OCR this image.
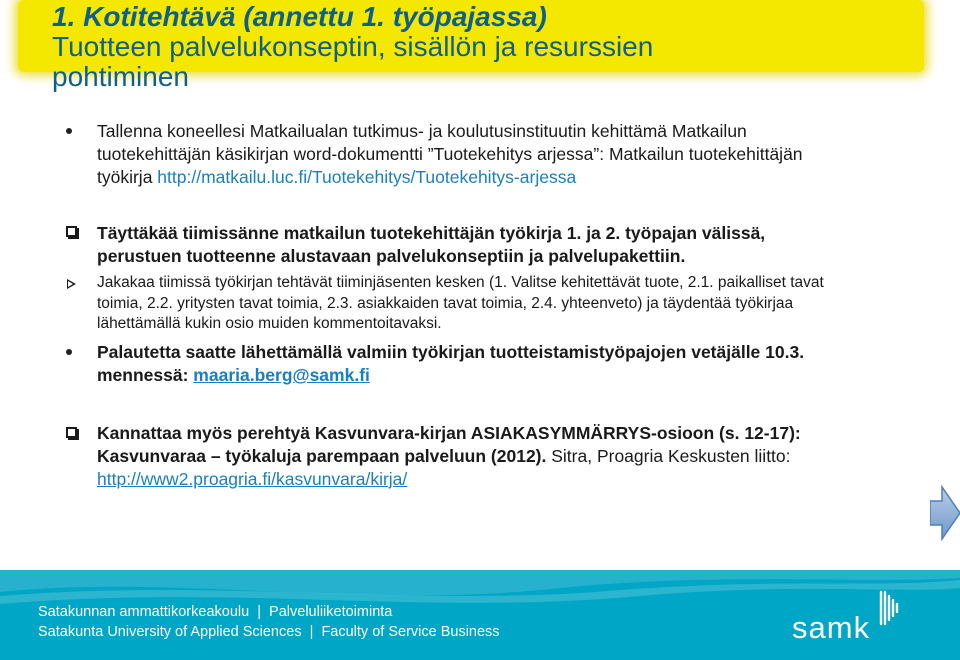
1. Kotitehtävä (annettu 1. työpajassa)
Tuotteen palvelukonseptin, sisällön ja resurssien
pohtiminen
Tallenna koneellesi Matkailualan tutkimus- ja koulutusinstituutin kehittämä Matkailun
tuotekehittäjän käsikirjan word-dokumentti ”Tuotekehitys arjessa”: Matkailun tuotekehittäjän
työkirja http://matkailu.luc.fi/Tuotekehitys/Tuotekehitys-arjessa
Täyttäkää tiimissänne matkailun tuotekehittäjän työkirja 1. ja 2. työpajan välissä,
perustuen tuotteenne alustavaan palvelukonseptiin ja palvelupakettiin.
Jakakaa tiimissä työkirjan tehtävät tiiminjäsenten kesken (1. Valitse kehitettävät tuote, 2.1. paikalliset tavat
toimia, 2.2. yritysten tavat toimia, 2.3. asiakkaiden tavat toimia, 2.4. yhteenveto) ja täydentää työkirjaa
lähettämällä kukin osio muiden kommentoitavaksi.
Palautetta saatte lähettämällä valmiin työkirjan tuotteistamistyöpajojen vetäjälle 10.3.
mennessä: maaria.berg@samk.fi
Kannattaa myös perehtyä Kasvunvara-kirjan ASIAKASYMMÄRRYS-osioon (s. 12-17):
Kasvunvaraa – työkaluja parempaan palveluun (2012). Sitra, Proagria Keskusten liitto:
http://www2.proagria.fi/kasvunvara/kirja/
Satakunnan ammattikorkeakoulu  |  Palveluliiketoiminta
Satakunta University of Applied Sciences  |  Faculty of Service Business	samk
